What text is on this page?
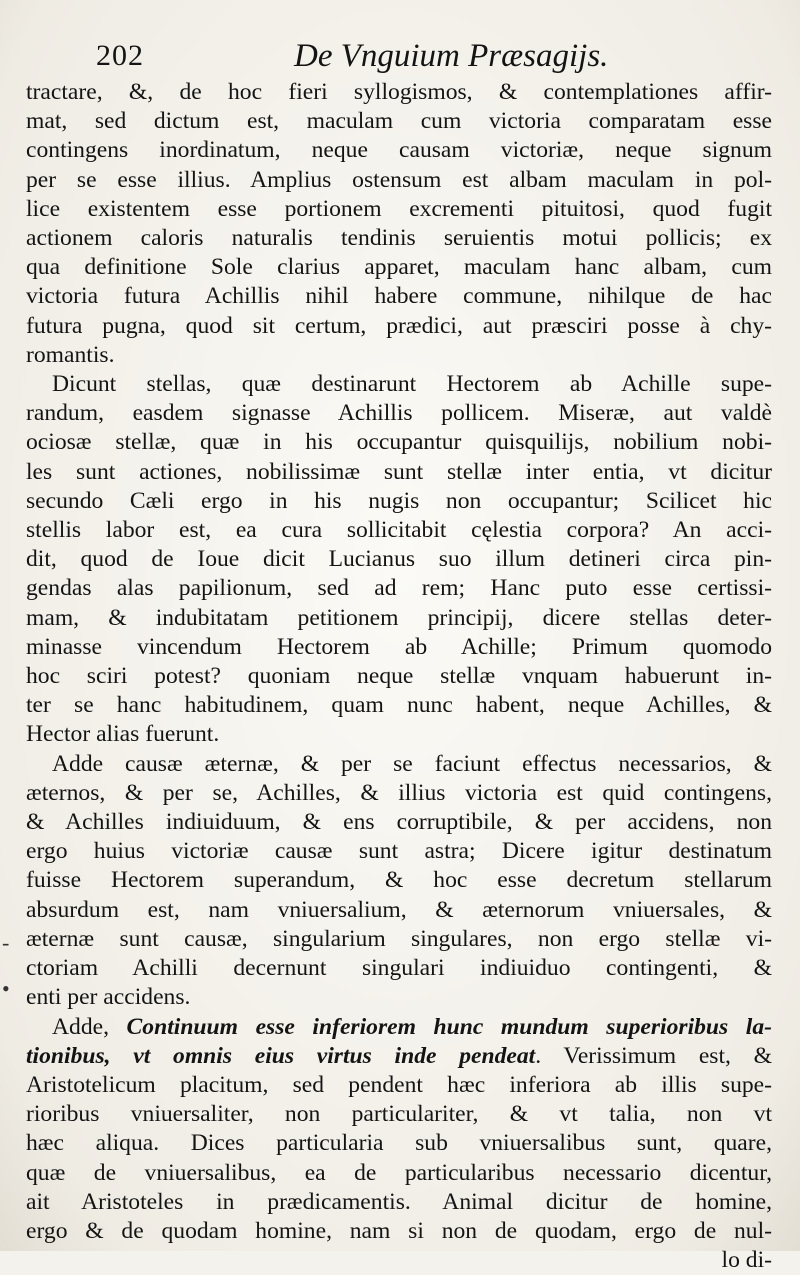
202	De Vnguium Præsagijs.
-
•
tractare, &, de hoc fieri syllogismos, & contemplationes affir-
mat, sed dictum est, maculam cum victoria comparatam esse
contingens inordinatum, neque causam victoriæ, neque signum
per se esse illius. Amplius ostensum est albam maculam in pol-
lice existentem esse portionem excrementi pituitosi, quod fugit
actionem caloris naturalis tendinis seruientis motui pollicis; ex
qua definitione Sole clarius apparet, maculam hanc albam, cum
victoria futura Achillis nihil habere commune, nihilque de hac
futura pugna, quod sit certum, prædici, aut præsciri posse à chy-
romantis.
Dicunt stellas, quæ destinarunt Hectorem ab Achille supe-
randum, easdem signasse Achillis pollicem. Miseræ, aut valdè
ociosæ stellæ, quæ in his occupantur quisquilijs, nobilium nobi-
les sunt actiones, nobilissimæ sunt stellæ inter entia, vt dicitur
secundo Cæli ergo in his nugis non occupantur; Scilicet hic
stellis labor est, ea cura sollicitabit cęlestia corpora? An acci-
dit, quod de Ioue dicit Lucianus suo illum detineri circa pin-
gendas alas papilionum, sed ad rem; Hanc puto esse certissi-
mam, & indubitatam petitionem principij, dicere stellas deter-
minasse vincendum Hectorem ab Achille; Primum quomodo
hoc sciri potest? quoniam neque stellæ vnquam habuerunt in-
ter se hanc habitudinem, quam nunc habent, neque Achilles, &
Hector alias fuerunt.
Adde causæ æternæ, & per se faciunt effectus necessarios, &
æternos, & per se, Achilles, & illius victoria est quid contingens,
& Achilles indiuiduum, & ens corruptibile, & per accidens, non
ergo huius victoriæ causæ sunt astra; Dicere igitur destinatum
fuisse Hectorem superandum, & hoc esse decretum stellarum
absurdum est, nam vniuersalium, & æternorum vniuersales, &
æternæ sunt causæ, singularium singulares, non ergo stellæ vi-
ctoriam Achilli decernunt singulari indiuiduo contingenti, &
enti per accidens.
Adde, Continuum esse inferiorem hunc mundum superioribus la-
tionibus, vt omnis eius virtus inde pendeat. Verissimum est, &
Aristotelicum placitum, sed pendent hæc inferiora ab illis supe-
rioribus vniuersaliter, non particulariter, & vt talia, non vt
hæc aliqua. Dices particularia sub vniuersalibus sunt, quare,
quæ de vniuersalibus, ea de particularibus necessario dicentur,
ait Aristoteles in prædicamentis. Animal dicitur de homine,
ergo & de quodam homine, nam si non de quodam, ergo de nul-
lo di-
